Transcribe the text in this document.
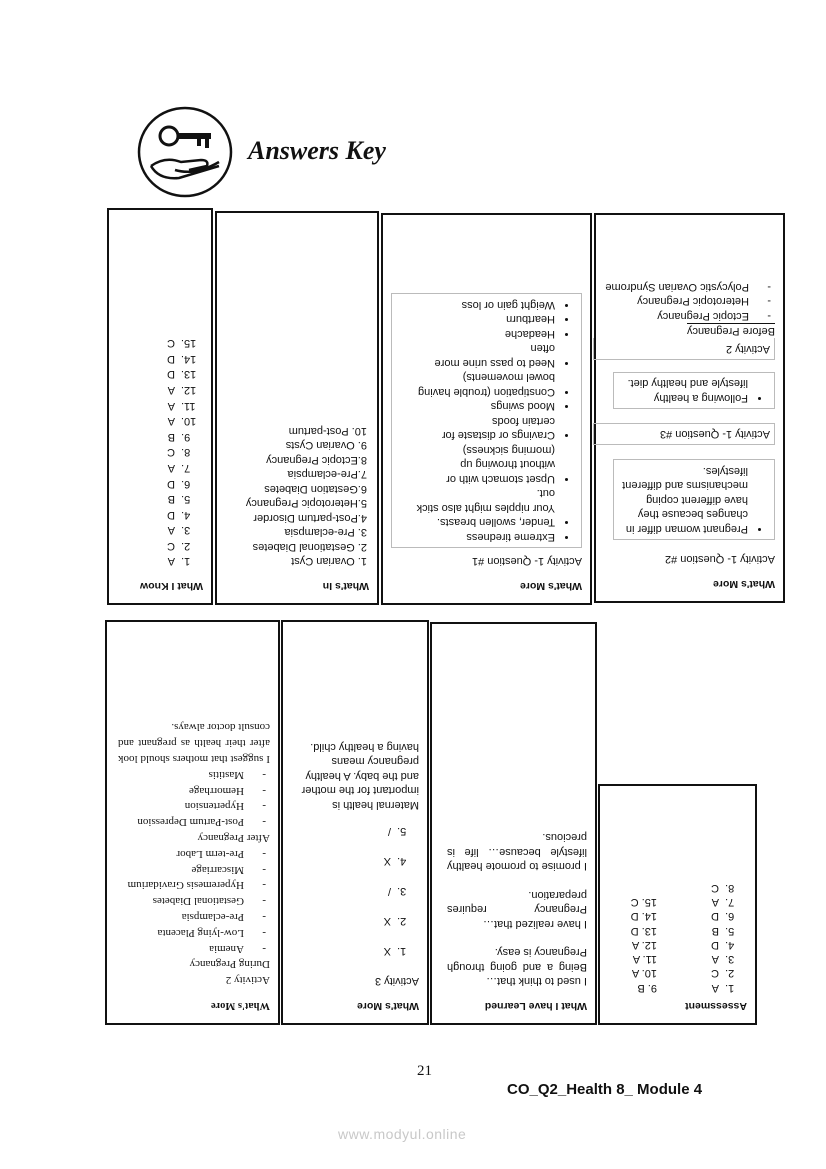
Answers Key
What I Know
1.
A
2.
C
3.
A
4.
D
5.
B
6.
D
7.
A
8.
C
9.
B
10.
A
11.
A
12.
A
13.
D
14.
D
15.
C
What's In
1. Ovarian Cyst
2. Gestational Diabetes
3. Pre-eclampsia
4.Post-partum Disorder
5.Heterotopic Pregnancy
6.Gestation Diabetes
7.Pre-eclampsia
8.Ectopic Pregnancy
9. Ovarian Cysts
10. Post-partum
What's More
Activity 1- Question #1
• Extreme tiredness
• Tender, swollen breasts. Your nipples might also stick out.
• Upset stomach with or without throwing up (morning sickness)
• Cravings or distaste for certain foods
• Mood swings
• Constipation (trouble having bowel movements)
• Need to pass urine more often
• Headache
• Heartburn
• Weight gain or loss
What's More
Activity 1- Question #2
• Pregnant woman differ in changes because they have different coping mechanisms and different lifestyles.
Activity 1- Question #3
• Following a healthy lifestyle and healthy diet.
Activity 2
Before Pregnancy
-
Ectopic Pregnancy
-
Heterotopic Pregnancy
-
Polycystic Ovarian Syndrome
What's More
Activity 2
During Pregnancy
-
Anemia
-
Low-lying Placenta
-
Pre-eclampsia
-
Gestational Diabetes
-
Hyperemesis Gravidarium
-
Miscarriage
-
Pre-term Labor
After Pregnancy
-
Post-Partum Depression
-
Hypertension
-
Hemorrhage
-
Mastitis
I suggest that mothers should look after their health as pregnant and consult doctor always.
What's More
Activity 3
1.
X
2.
X
3.
/
4.
X
5.
/
Maternal health is important for the mother and the baby. A healthy pregnancy means having a healthy child.
What I have Learned
I used to think that…
Being a and going through Pregnancy is easy.
I have realized that…
Pregnancy requires preparation.
I promise to promote healthy lifestyle because… life is precious.
Assessment
1.
A
2.
C
3.
A
4.
D
5.
B
6.
D
7.
A
8.
C
9. B
10. A
11. A
12. A
13. D
14. D
15. C
21
CO_Q2_Health 8_ Module 4
www.modyul.online
